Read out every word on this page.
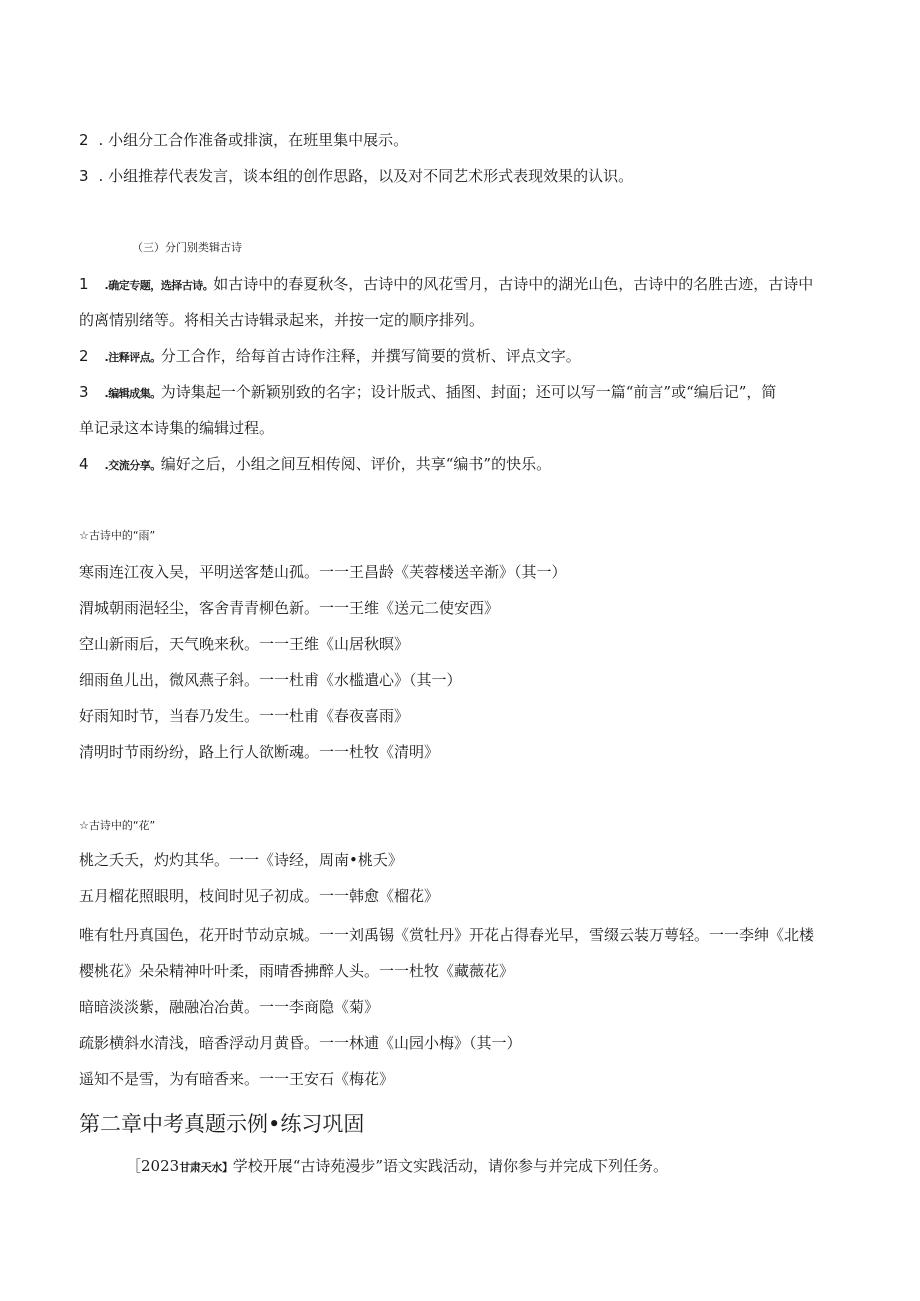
2 . 小组分工合作准备或排演，在班里集中展示。
3 . 小组推荐代表发言，谈本组的创作思路，以及对不同艺术形式表现效果的认识。
（三）分门别类辑古诗
1 .确定专题，选择古诗。如古诗中的春夏秋冬，古诗中的风花雪月，古诗中的湖光山色，古诗中的名胜古迹，古诗中
的离情别绪等。将相关古诗辑录起来，并按一定的顺序排列。
2 .注释评点。分工合作，给每首古诗作注释，并撰写简要的赏析、评点文字。
3 .编辑成集。为诗集起一个新颖别致的名字；设计版式、插图、封面；还可以写一篇“前言”或“编后记”，简
单记录这本诗集的编辑过程。
4 .交流分享。编好之后，小组之间互相传阅、评价，共享“编书”的快乐。
☆古诗中的“雨”
寒雨连江夜入吴，平明送客楚山孤。一一王昌龄《芙蓉楼送辛渐》（其一）
渭城朝雨浥轻尘，客舍青青柳色新。一一王维《送元二使安西》
空山新雨后，天气晚来秋。一一王维《山居秋暝》
细雨鱼儿出，微风燕子斜。一一杜甫《水槛遣心》（其一）
好雨知时节，当春乃发生。一一杜甫《春夜喜雨》
清明时节雨纷纷，路上行人欲断魂。一一杜牧《清明》
☆古诗中的“花”
桃之夭夭，灼灼其华。一一《诗经，周南•桃夭》
五月榴花照眼明，枝间时见子初成。一一韩愈《榴花》
唯有牡丹真国色，花开时节动京城。一一刘禹锡《赏牡丹》开花占得春光早，雪缀云装万萼轻。一一李绅《北楼
樱桃花》朵朵精神叶叶柔，雨晴香拂醉人头。一一杜牧《藏薇花》
暗暗淡淡紫，融融冶冶黄。一一李商隐《菊》
疏影横斜水清浅，暗香浮动月黄昏。一一林逋《山园小梅》（其一）
遥知不是雪，为有暗香来。一一王安石《梅花》
第二章中考真题示例•练习巩固
［2023甘肃天水】学校开展“古诗苑漫步”语文实践活动，请你参与并完成下列任务。
